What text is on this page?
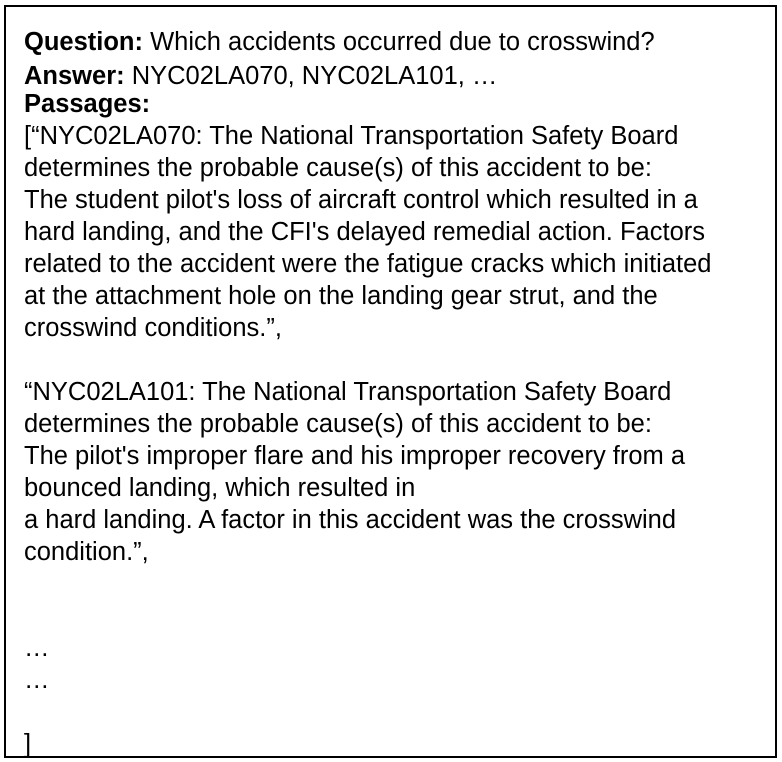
Question: Which accidents occurred due to crosswind?
Answer: NYC02LA070, NYC02LA101, …
Passages:
[“NYC02LA070: The National Transportation Safety Board
determines the probable cause(s) of this accident to be:
The student pilot's loss of aircraft control which resulted in a
hard landing, and the CFI's delayed remedial action. Factors
related to the accident were the fatigue cracks which initiated
at the attachment hole on the landing gear strut, and the
crosswind conditions.”,
“NYC02LA101: The National Transportation Safety Board
determines the probable cause(s) of this accident to be:
The pilot's improper flare and his improper recovery from a
bounced landing, which resulted in
a hard landing. A factor in this accident was the crosswind
condition.”,
…
…
]
